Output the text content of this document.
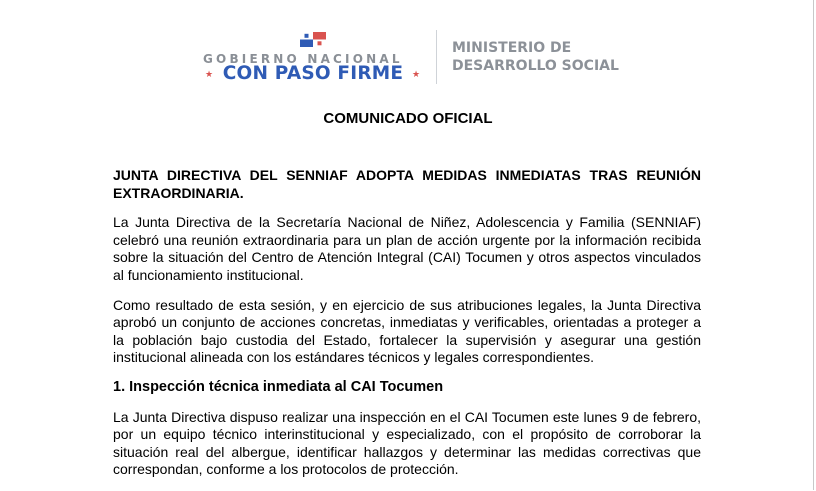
GOBIERNO NACIONAL
★ CON PASO FIRME ★
MINISTERIO DE
DESARROLLO SOCIAL
COMUNICADO OFICIAL

JUNTA DIRECTIVA DEL SENNIAF ADOPTA MEDIDAS INMEDIATAS TRAS REUNIÓN EXTRAORDINARIA.

La Junta Directiva de la Secretaría Nacional de Niñez, Adolescencia y Familia (SENNIAF) celebró una reunión extraordinaria para un plan de acción urgente por la información recibida sobre la situación del Centro de Atención Integral (CAI) Tocumen y otros aspectos vinculados al funcionamiento institucional.

Como resultado de esta sesión, y en ejercicio de sus atribuciones legales, la Junta Directiva aprobó un conjunto de acciones concretas, inmediatas y verificables, orientadas a proteger a la población bajo custodia del Estado, fortalecer la supervisión y asegurar una gestión institucional alineada con los estándares técnicos y legales correspondientes.

1. Inspección técnica inmediata al CAI Tocumen

La Junta Directiva dispuso realizar una inspección en el CAI Tocumen este lunes 9 de febrero, por un equipo técnico interinstitucional y especializado, con el propósito de corroborar la situación real del albergue, identificar hallazgos y determinar las medidas correctivas que correspondan, conforme a los protocolos de protección.
